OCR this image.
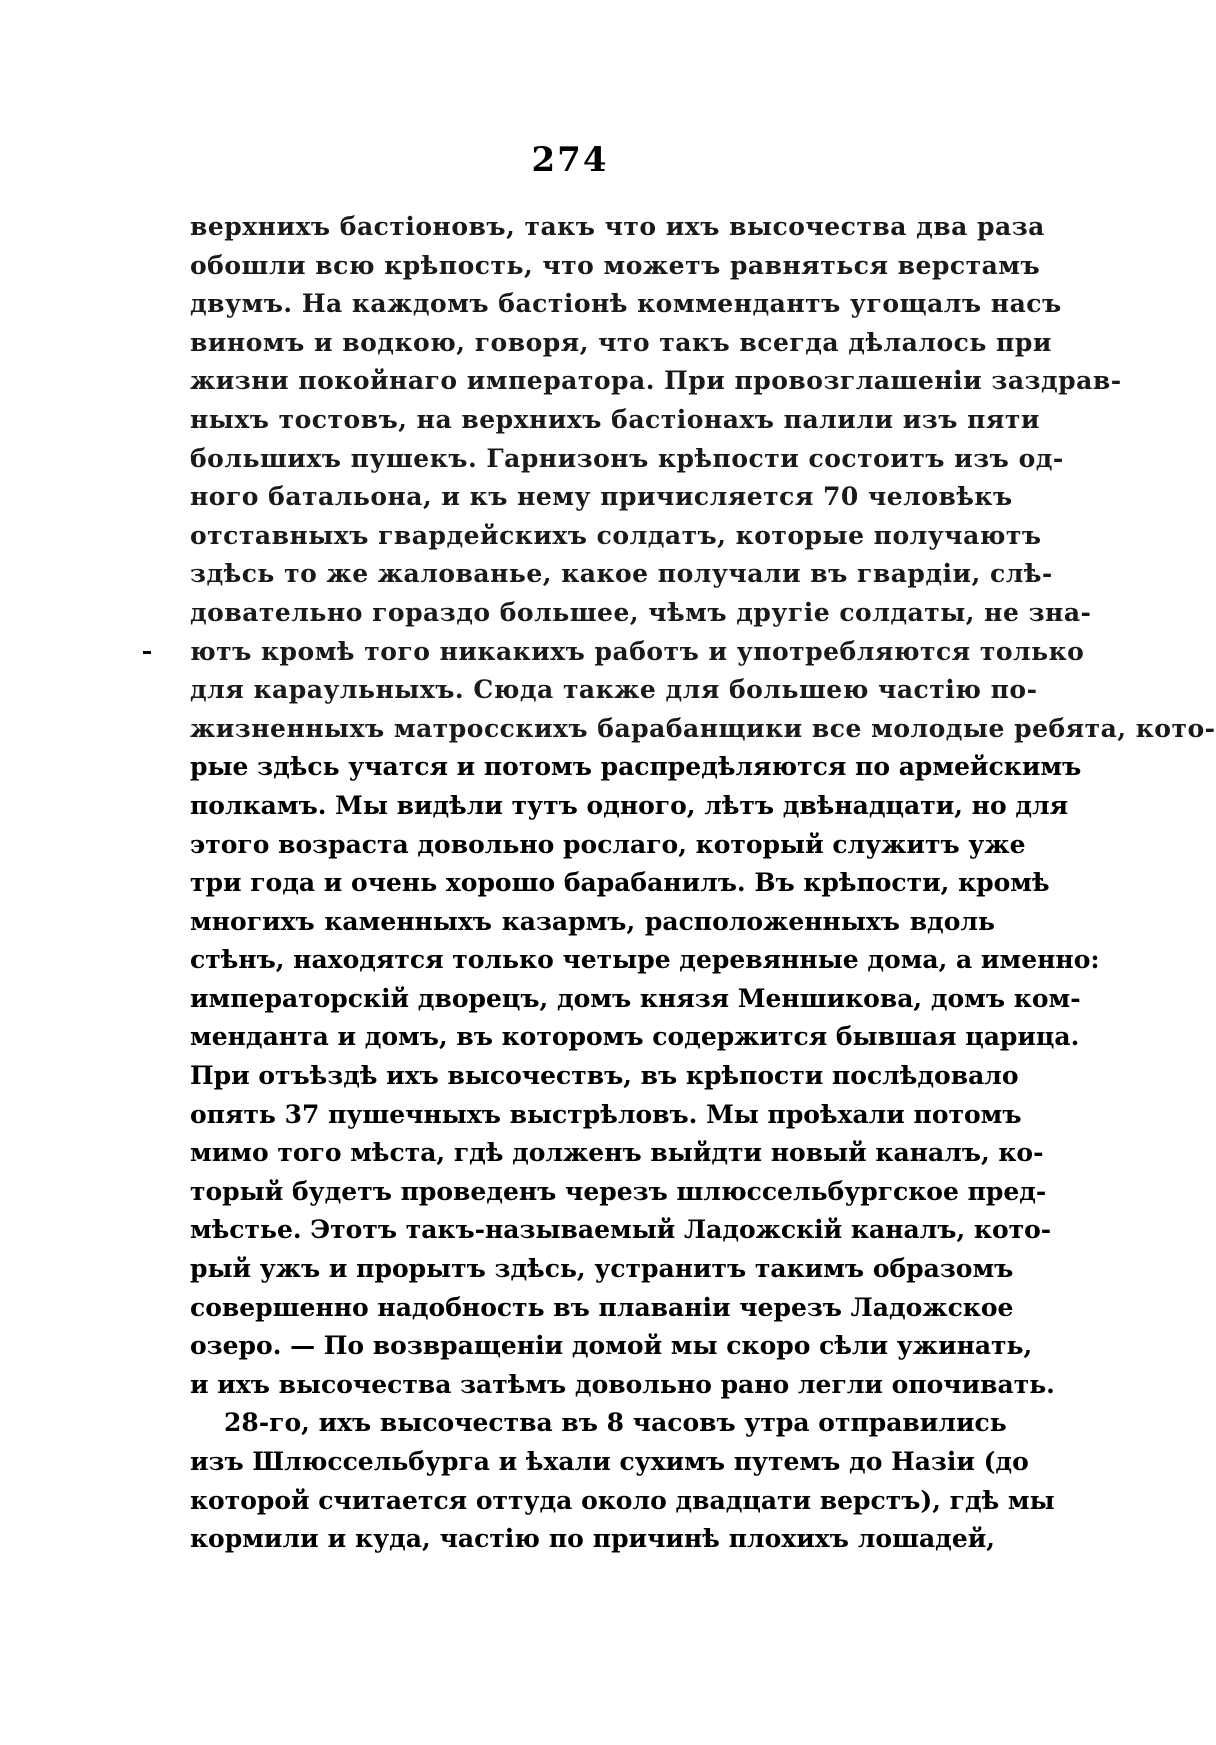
274
верхнихъ бастіоновъ, такъ что ихъ высочества два раза
обошли всю крѣпость, что можетъ равняться верстамъ
двумъ. На каждомъ бастіонѣ коммендантъ угощалъ насъ
виномъ и водкою, говоря, что такъ всегда дѣлалось при
жизни покойнаго императора. При провозглашеніи заздрав-
ныхъ тостовъ, на верхнихъ бастіонахъ палили изъ пяти
большихъ пушекъ. Гарнизонъ крѣпости состоитъ изъ од-
ного батальона, и къ нему причисляется 70 человѣкъ
отставныхъ гвардейскихъ солдатъ, которые получаютъ
здѣсь то же жалованье, какое получали въ гвардіи, слѣ-
довательно гораздо большее, чѣмъ другіе солдаты, не зна-
ютъ кромѣ того никакихъ работъ и употребляются только
для караульныхъ. Сюда также для большею частію по-
жизненныхъ матросскихъ барабанщики все молодые ребята, кото-
рые здѣсь учатся и потомъ распредѣляются по армейскимъ
полкамъ. Мы видѣли тутъ одного, лѣтъ двѣнадцати, но для
этого возраста довольно рослаго, который служитъ уже
три года и очень хорошо барабанилъ. Въ крѣпости, кромѣ
многихъ каменныхъ казармъ, расположенныхъ вдоль
стѣнъ, находятся только четыре деревянные дома, а именно:
императорскій дворецъ, домъ князя Меншикова, домъ ком-
мендантa и домъ, въ которомъ содержится бывшая царица.
При отъѣздѣ ихъ высочествъ, въ крѣпости послѣдовало
опять 37 пушечныхъ выстрѣловъ. Мы проѣхали потомъ
мимо того мѣста, гдѣ долженъ выйдти новый каналъ, ко-
торый будетъ проведенъ черезъ шлюссельбургское пред-
мѣстье. Этотъ такъ-называемый Ладожскій каналъ, кото-
рый ужъ и прорытъ здѣсь, устранитъ такимъ образомъ
совершенно надобность въ плаваніи черезъ Ладожское
озеро. — По возвращеніи домой мы скоро сѣли ужинать,
и ихъ высочества затѣмъ довольно рано легли опочивать.
28-го, ихъ высочества въ 8 часовъ утра отправились
изъ Шлюссельбурга и ѣхали сухимъ путемъ до Назіи (до
которой считается оттуда около двадцати верстъ), гдѣ мы
кормили и куда, частію по причинѣ плохихъ лошадей,
